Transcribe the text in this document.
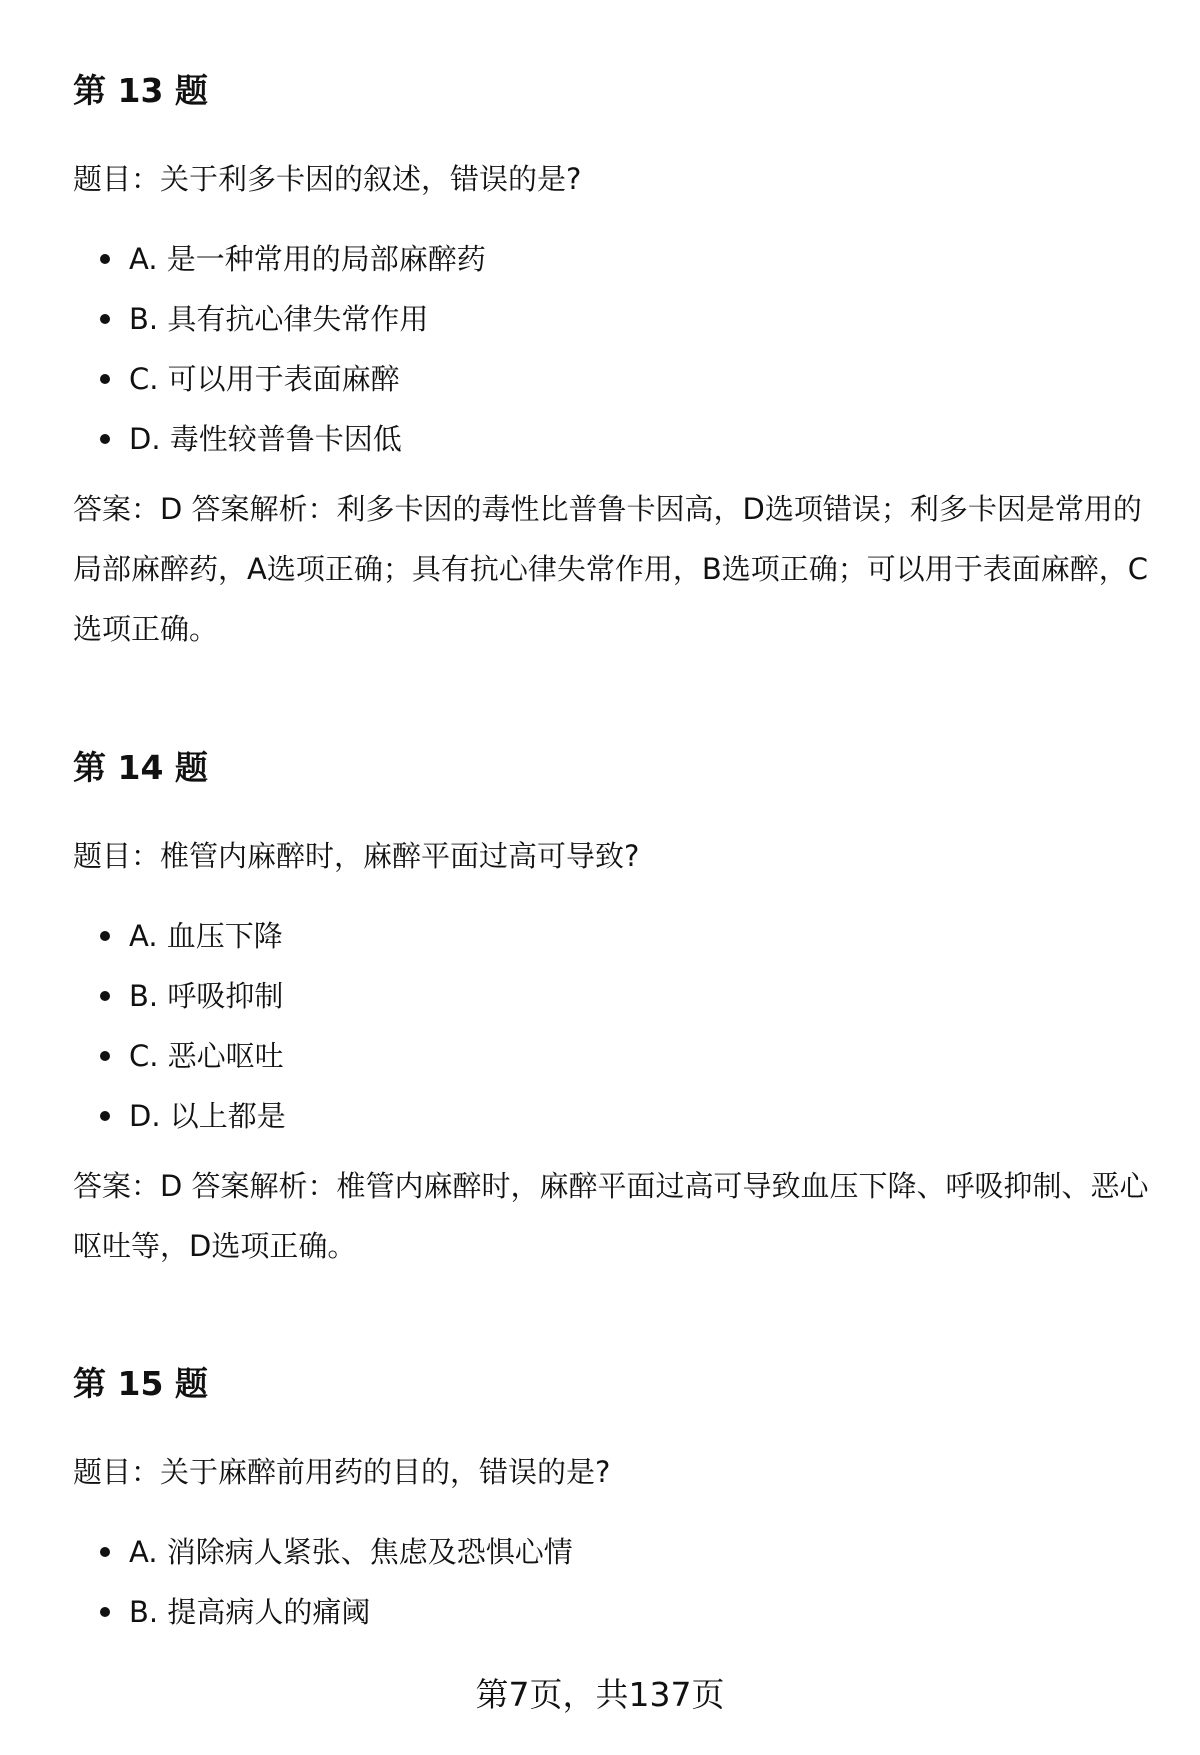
第 13 题

题目：关于利多卡因的叙述，错误的是?

A. 是一种常用的局部麻醉药
B. 具有抗心律失常作用
C. 可以用于表面麻醉
D. 毒性较普鲁卡因低

答案：D 答案解析：利多卡因的毒性比普鲁卡因高，D选项错误；利多卡因是常用的局部麻醉药，A选项正确；具有抗心律失常作用，B选项正确；可以用于表面麻醉，C选项正确。

第 14 题

题目：椎管内麻醉时，麻醉平面过高可导致?

A. 血压下降
B. 呼吸抑制
C. 恶心呕吐
D. 以上都是

答案：D 答案解析：椎管内麻醉时，麻醉平面过高可导致血压下降、呼吸抑制、恶心呕吐等，D选项正确。

第 15 题

题目：关于麻醉前用药的目的，错误的是?

A. 消除病人紧张、焦虑及恐惧心情
B. 提高病人的痛阈
第7页，共137页
